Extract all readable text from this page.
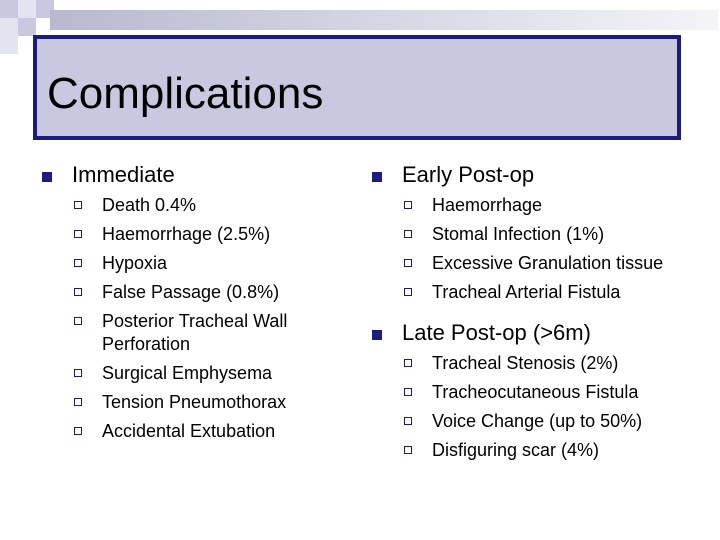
Complications
Immediate
Death 0.4%
Haemorrhage (2.5%)
Hypoxia
False Passage (0.8%)
Posterior Tracheal Wall Perforation
Surgical Emphysema
Tension Pneumothorax
Accidental Extubation
Early Post-op
Haemorrhage
Stomal Infection (1%)
Excessive Granulation tissue
Tracheal Arterial Fistula
Late Post-op (>6m)
Tracheal Stenosis (2%)
Tracheocutaneous Fistula
Voice Change (up to 50%)
Disfiguring scar (4%)
